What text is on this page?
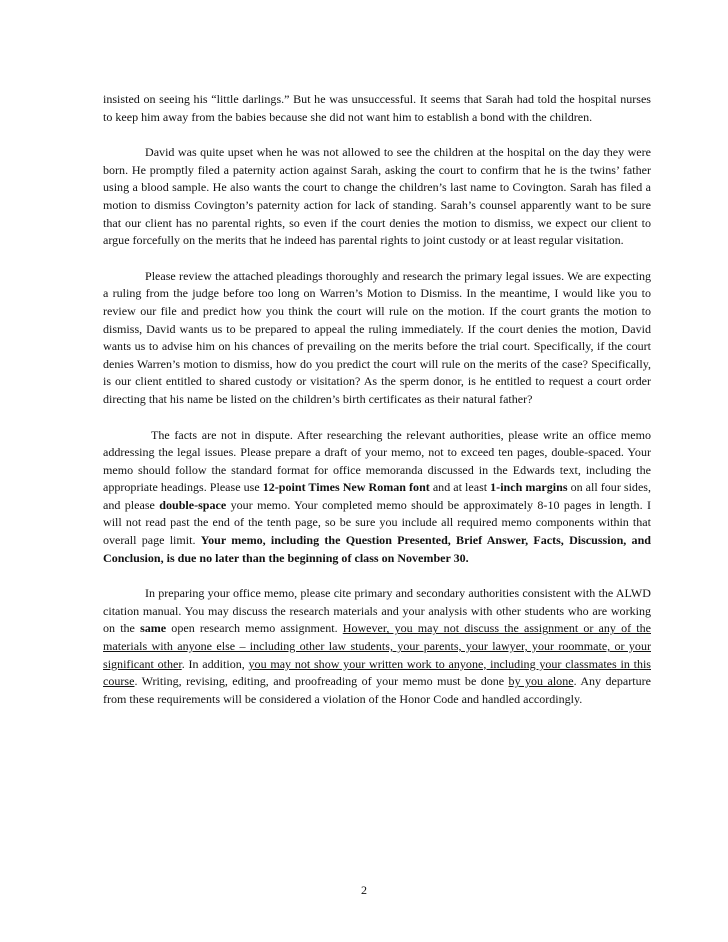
insisted on seeing his “little darlings.” But he was unsuccessful. It seems that Sarah had told the hospital nurses to keep him away from the babies because she did not want him to establish a bond with the children.

David was quite upset when he was not allowed to see the children at the hospital on the day they were born. He promptly filed a paternity action against Sarah, asking the court to confirm that he is the twins’ father using a blood sample. He also wants the court to change the children’s last name to Covington. Sarah has filed a motion to dismiss Covington’s paternity action for lack of standing. Sarah’s counsel apparently want to be sure that our client has no parental rights, so even if the court denies the motion to dismiss, we expect our client to argue forcefully on the merits that he indeed has parental rights to joint custody or at least regular visitation.

Please review the attached pleadings thoroughly and research the primary legal issues. We are expecting a ruling from the judge before too long on Warren’s Motion to Dismiss. In the meantime, I would like you to review our file and predict how you think the court will rule on the motion. If the court grants the motion to dismiss, David wants us to be prepared to appeal the ruling immediately. If the court denies the motion, David wants us to advise him on his chances of prevailing on the merits before the trial court. Specifically, if the court denies Warren’s motion to dismiss, how do you predict the court will rule on the merits of the case? Specifically, is our client entitled to shared custody or visitation? As the sperm donor, is he entitled to request a court order directing that his name be listed on the children’s birth certificates as their natural father?

The facts are not in dispute. After researching the relevant authorities, please write an office memo addressing the legal issues. Please prepare a draft of your memo, not to exceed ten pages, double-spaced. Your memo should follow the standard format for office memoranda discussed in the Edwards text, including the appropriate headings. Please use 12-point Times New Roman font and at least 1-inch margins on all four sides, and please double-space your memo. Your completed memo should be approximately 8-10 pages in length. I will not read past the end of the tenth page, so be sure you include all required memo components within that overall page limit. Your memo, including the Question Presented, Brief Answer, Facts, Discussion, and Conclusion, is due no later than the beginning of class on November 30.

In preparing your office memo, please cite primary and secondary authorities consistent with the ALWD citation manual. You may discuss the research materials and your analysis with other students who are working on the same open research memo assignment. However, you may not discuss the assignment or any of the materials with anyone else – including other law students, your parents, your lawyer, your roommate, or your significant other. In addition, you may not show your written work to anyone, including your classmates in this course. Writing, revising, editing, and proofreading of your memo must be done by you alone. Any departure from these requirements will be considered a violation of the Honor Code and handled accordingly.

2
